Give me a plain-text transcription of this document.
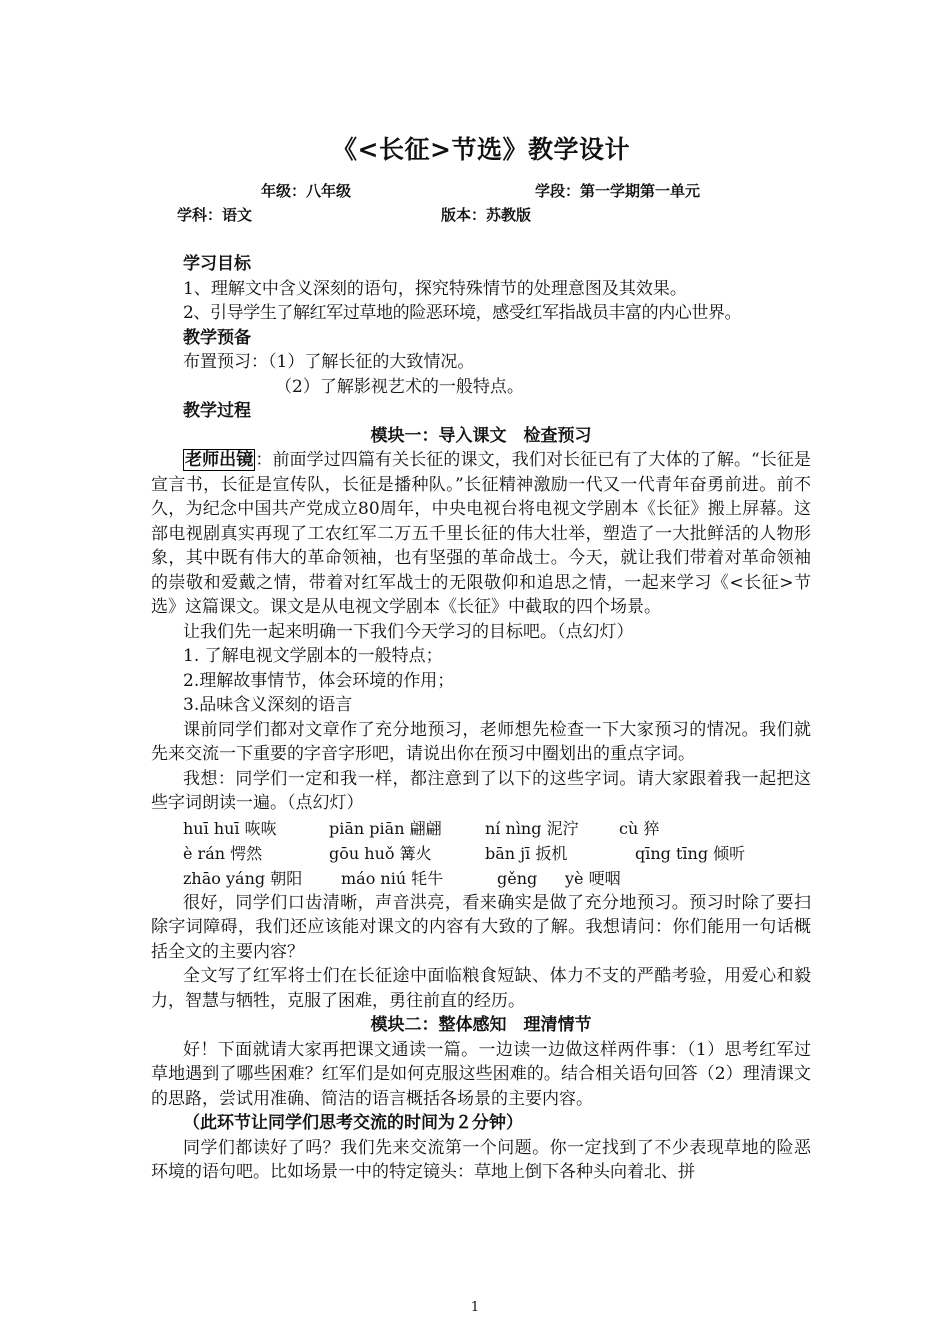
《<长征>节选》教学设计
年级：八年级	学段：第一学期第一单元
学科：语文	版本：苏教版
学习目标
1、理解文中含义深刻的语句，探究特殊情节的处理意图及其效果。
2、引导学生了解红军过草地的险恶环境，感受红军指战员丰富的内心世界。
教学预备
布置预习：（1）了解长征的大致情况。
（2）了解影视艺术的一般特点。
教学过程
模块一：导入课文　检查预习
老师出镜 ：前面学过四篇有关长征的课文，我们对长征已有了大体的了解。“长征是宣言书，长征是宣传队，长征是播种队。”长征精神激励一代又一代青年奋勇前进。前不久，为纪念中国共产党成立80周年，中央电视台将电视文学剧本《长征》搬上屏幕。这部电视剧真实再现了工农红军二万五千里长征的伟大壮举，塑造了一大批鲜活的人物形象，其中既有伟大的革命领袖，也有坚强的革命战士。今天，就让我们带着对革命领袖的崇敬和爱戴之情，带着对红军战士的无限敬仰和追思之情，一起来学习《<长征>节选》这篇课文。课文是从电视文学剧本《长征》中截取的四个场景。
让我们先一起来明确一下我们今天学习的目标吧。（点幻灯）
1. 了解电视文学剧本的一般特点；
2.理解故事情节，体会环境的作用；
3.品味含义深刻的语言
课前同学们都对文章作了充分地预习，老师想先检查一下大家预习的情况。我们就先来交流一下重要的字音字形吧，请说出你在预习中圈划出的重点字词。
我想：同学们一定和我一样，都注意到了以下的这些字词。请大家跟着我一起把这些字词朗读一遍。（点幻灯）
huī huī 咴咴	piān piān 翩翩	ní nìng 泥泞	cù 猝
è rán 愕然	gōu huǒ 篝火	bān jī 扳机	qīng tīng 倾听
zhāo yáng 朝阳	máo niú 牦牛	gěng	yè 哽咽
很好，同学们口齿清晰，声音洪亮，看来确实是做了充分地预习。预习时除了要扫除字词障碍，我们还应该能对课文的内容有大致的了解。我想请问：你们能用一句话概括全文的主要内容？
全文写了红军将士们在长征途中面临粮食短缺、体力不支的严酷考验，用爱心和毅力，智慧与牺牲，克服了困难，勇往前直的经历。
模块二：整体感知　理清情节
好！下面就请大家再把课文通读一篇。一边读一边做这样两件事：（1）思考红军过草地遇到了哪些困难？红军们是如何克服这些困难的。结合相关语句回答（2）理清课文的思路，尝试用准确、简洁的语言概括各场景的主要内容。
（此环节让同学们思考交流的时间为２分钟）
同学们都读好了吗？我们先来交流第一个问题。你一定找到了不少表现草地的险恶环境的语句吧。比如场景一中的特定镜头：草地上倒下各种头向着北、拼
1
